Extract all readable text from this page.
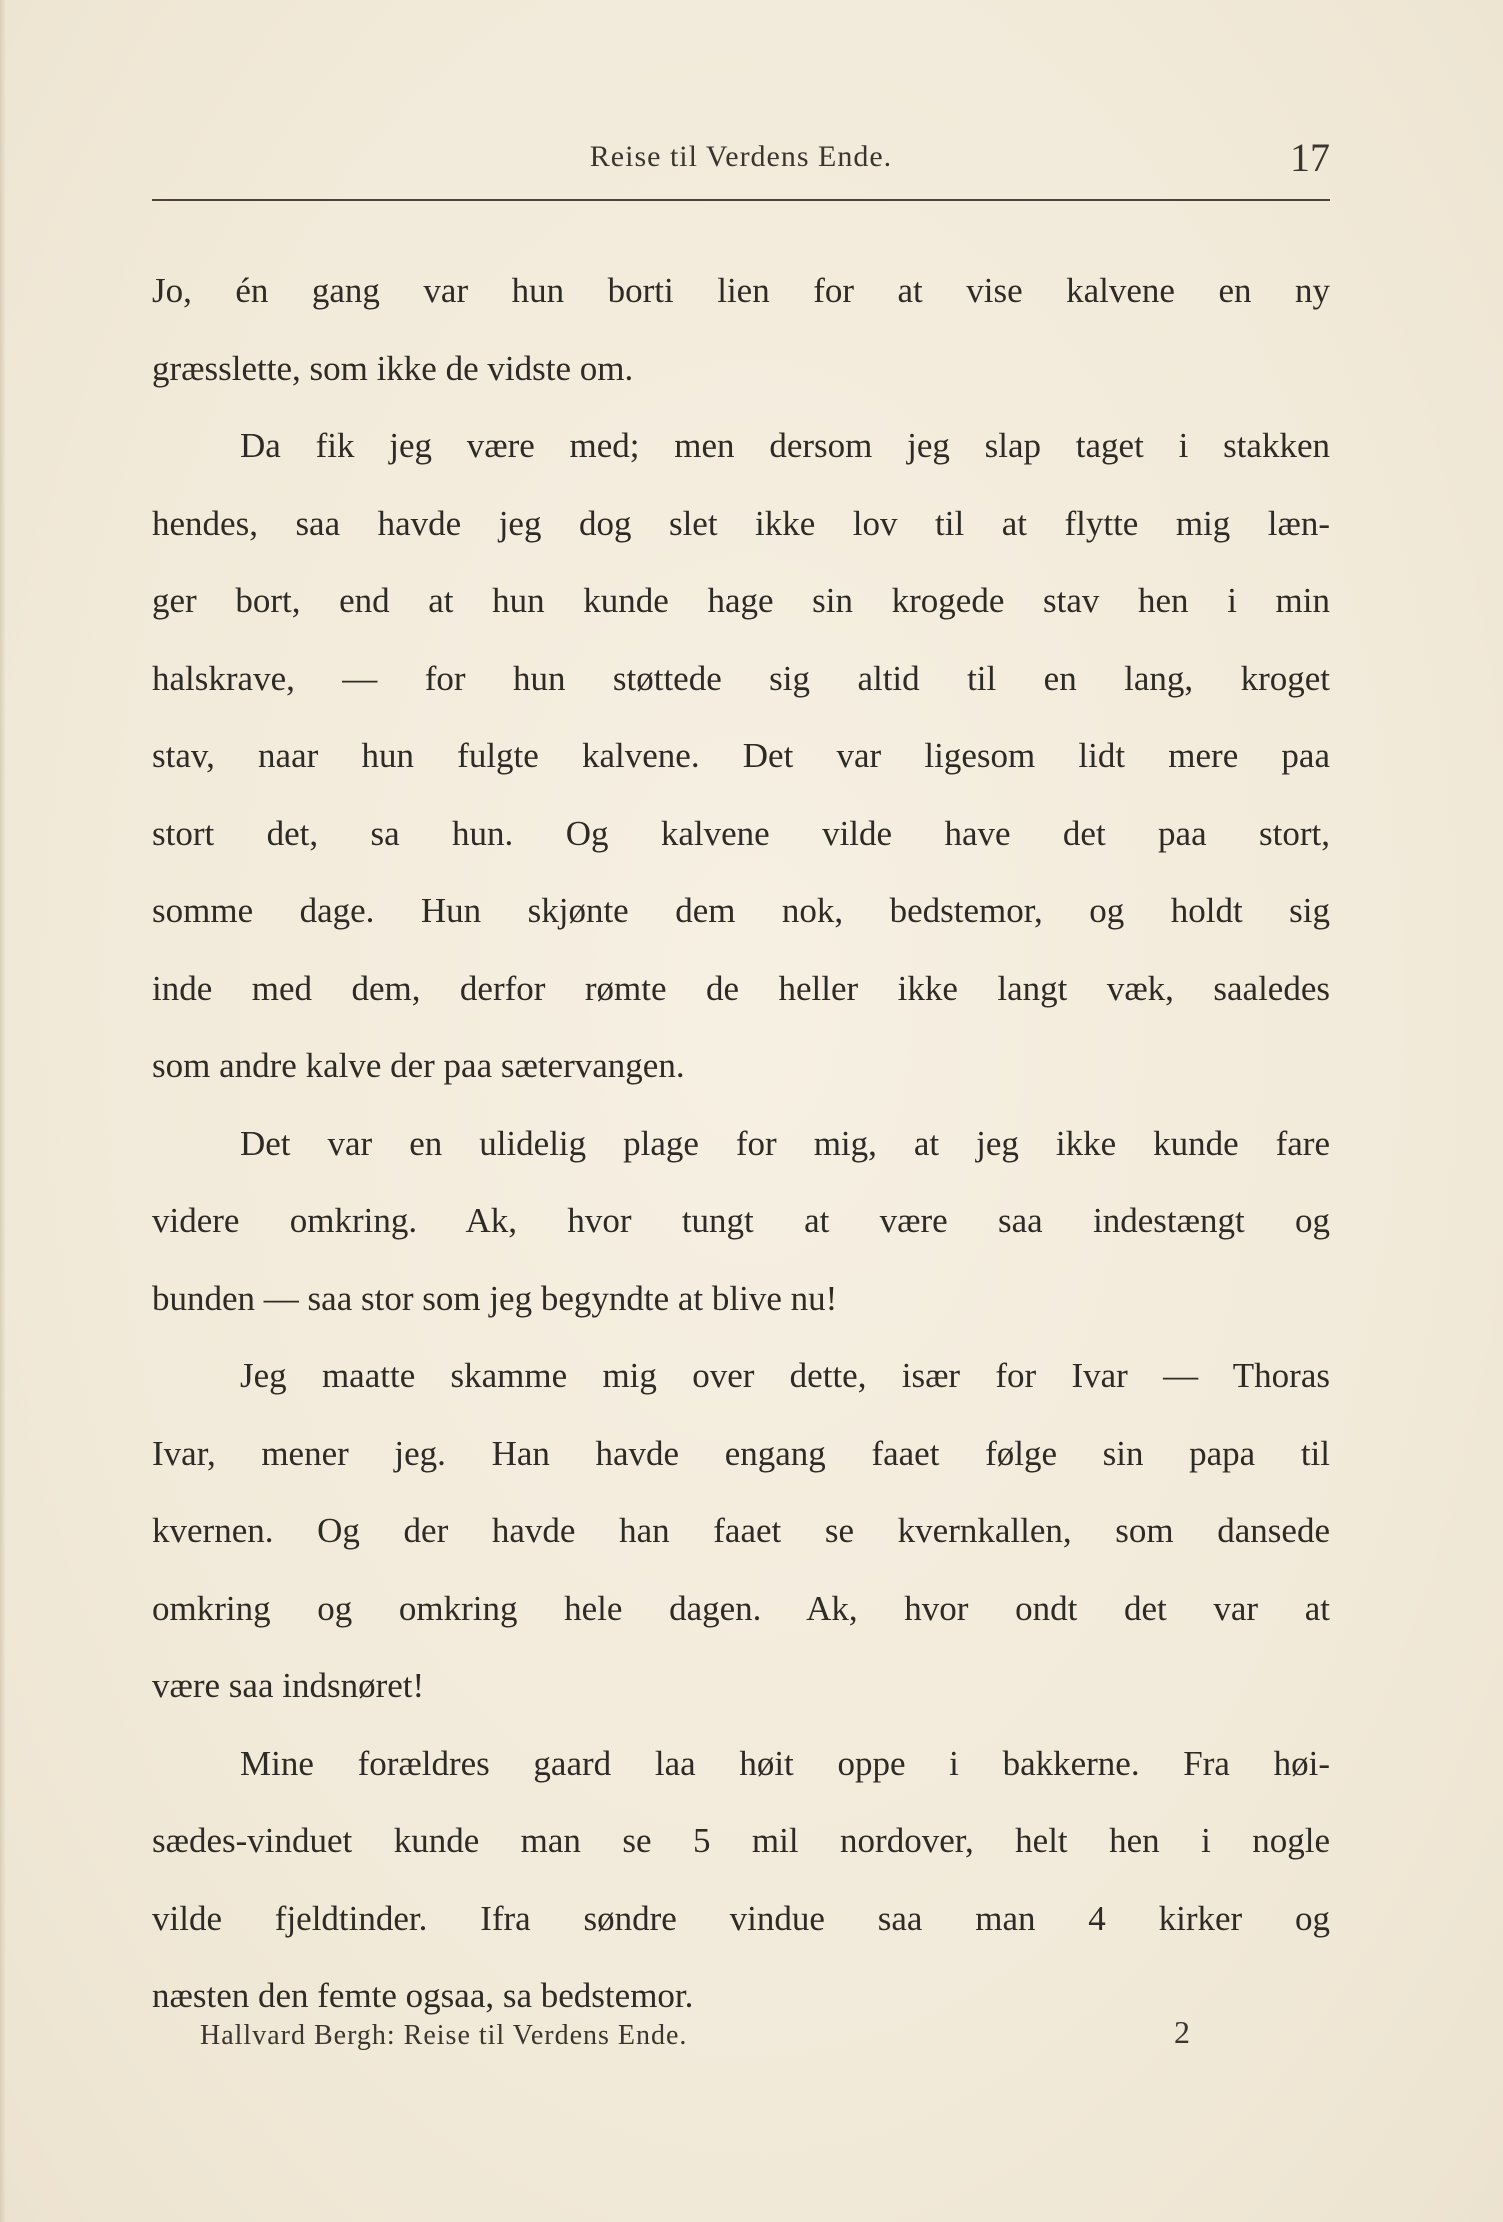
Reise til Verdens Ende.	17
Jo, én gang var hun borti lien for at vise kalvene en ny
græsslette, som ikke de vidste om.
Da fik jeg være med; men dersom jeg slap taget i stakken
hendes, saa havde jeg dog slet ikke lov til at flytte mig læn-
ger bort, end at hun kunde hage sin krogede stav hen i min
halskrave, — for hun støttede sig altid til en lang, kroget
stav, naar hun fulgte kalvene. Det var ligesom lidt mere paa
stort det, sa hun. Og kalvene vilde have det paa stort,
somme dage. Hun skjønte dem nok, bedstemor, og holdt sig
inde med dem, derfor rømte de heller ikke langt væk, saaledes
som andre kalve der paa sætervangen.
Det var en ulidelig plage for mig, at jeg ikke kunde fare
videre omkring. Ak, hvor tungt at være saa indestængt og
bunden — saa stor som jeg begyndte at blive nu!
Jeg maatte skamme mig over dette, især for Ivar — Thoras
Ivar, mener jeg. Han havde engang faaet følge sin papa til
kvernen. Og der havde han faaet se kvernkallen, som dansede
omkring og omkring hele dagen. Ak, hvor ondt det var at
være saa indsnøret!
Mine forældres gaard laa høit oppe i bakkerne. Fra høi-
sædes-vinduet kunde man se 5 mil nordover, helt hen i nogle
vilde fjeldtinder. Ifra søndre vindue saa man 4 kirker og
næsten den femte ogsaa, sa bedstemor.
Hallvard Bergh: Reise til Verdens Ende.	2
